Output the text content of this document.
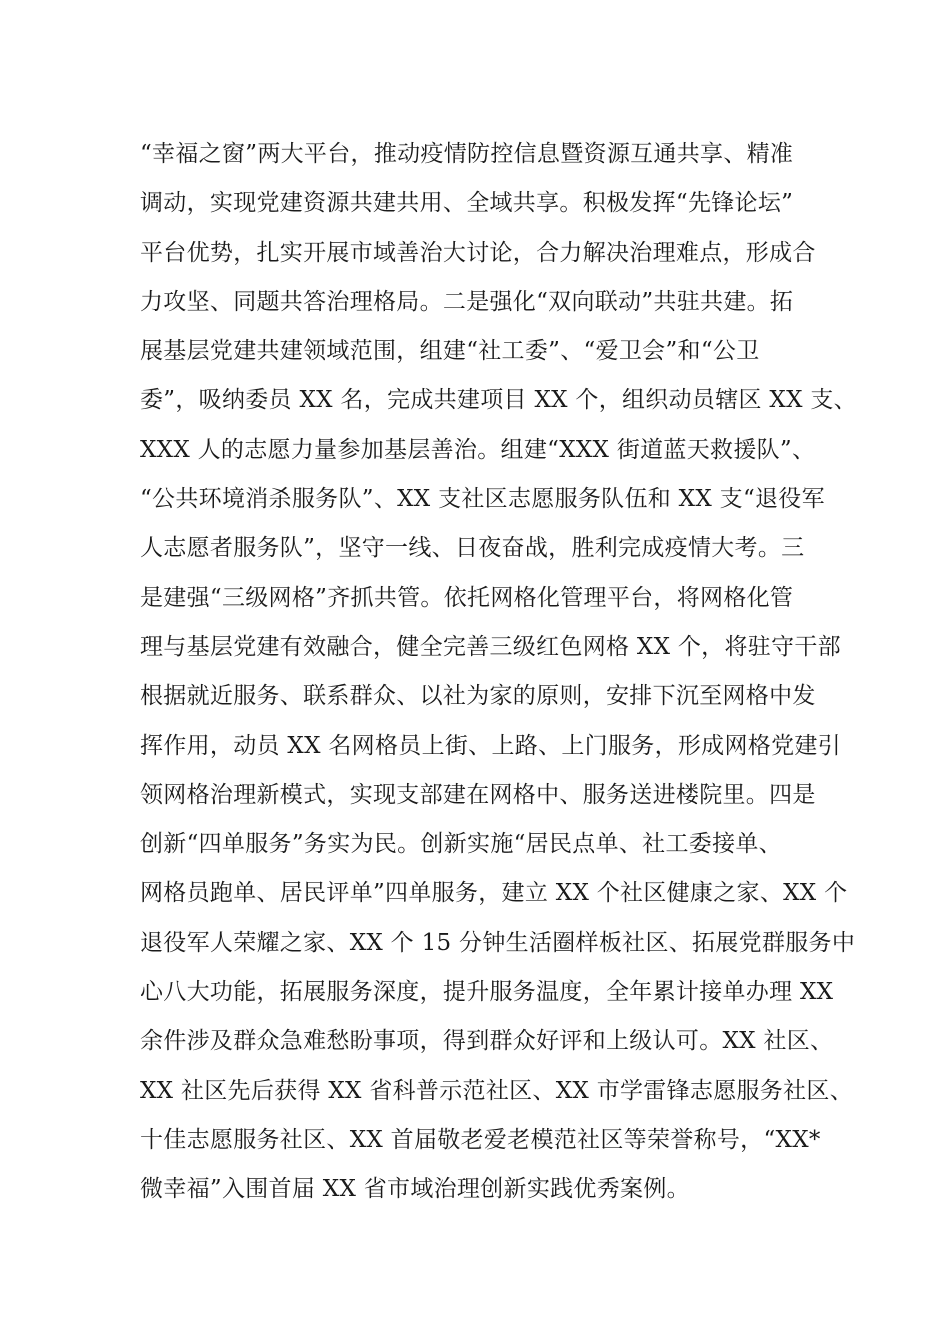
“幸福之窗”两大平台，推动疫情防控信息暨资源互通共享、精准
调动，实现党建资源共建共用、全域共享。积极发挥“先锋论坛”
平台优势，扎实开展市域善治大讨论，合力解决治理难点，形成合
力攻坚、同题共答治理格局。二是强化“双向联动”共驻共建。拓
展基层党建共建领域范围，组建“社工委”、“爱卫会”和“公卫
委”，吸纳委员 XX 名，完成共建项目 XX 个，组织动员辖区 XX 支、
XXX 人的志愿力量参加基层善治。组建“XXX 街道蓝天救援队”、
“公共环境消杀服务队”、XX 支社区志愿服务队伍和 XX 支“退役军
人志愿者服务队”，坚守一线、日夜奋战，胜利完成疫情大考。三
是建强“三级网格”齐抓共管。依托网格化管理平台，将网格化管
理与基层党建有效融合，健全完善三级红色网格 XX 个，将驻守干部
根据就近服务、联系群众、以社为家的原则，安排下沉至网格中发
挥作用，动员 XX 名网格员上街、上路、上门服务，形成网格党建引
领网格治理新模式，实现支部建在网格中、服务送进楼院里。四是
创新“四单服务”务实为民。创新实施“居民点单、社工委接单、
网格员跑单、居民评单”四单服务，建立 XX 个社区健康之家、XX 个
退役军人荣耀之家、XX 个 15 分钟生活圈样板社区、拓展党群服务中
心八大功能，拓展服务深度，提升服务温度，全年累计接单办理 XX
余件涉及群众急难愁盼事项，得到群众好评和上级认可。XX 社区、
XX 社区先后获得 XX 省科普示范社区、XX 市学雷锋志愿服务社区、
十佳志愿服务社区、XX 首届敬老爱老模范社区等荣誉称号，“XX*
微幸福”入围首届 XX 省市域治理创新实践优秀案例。
